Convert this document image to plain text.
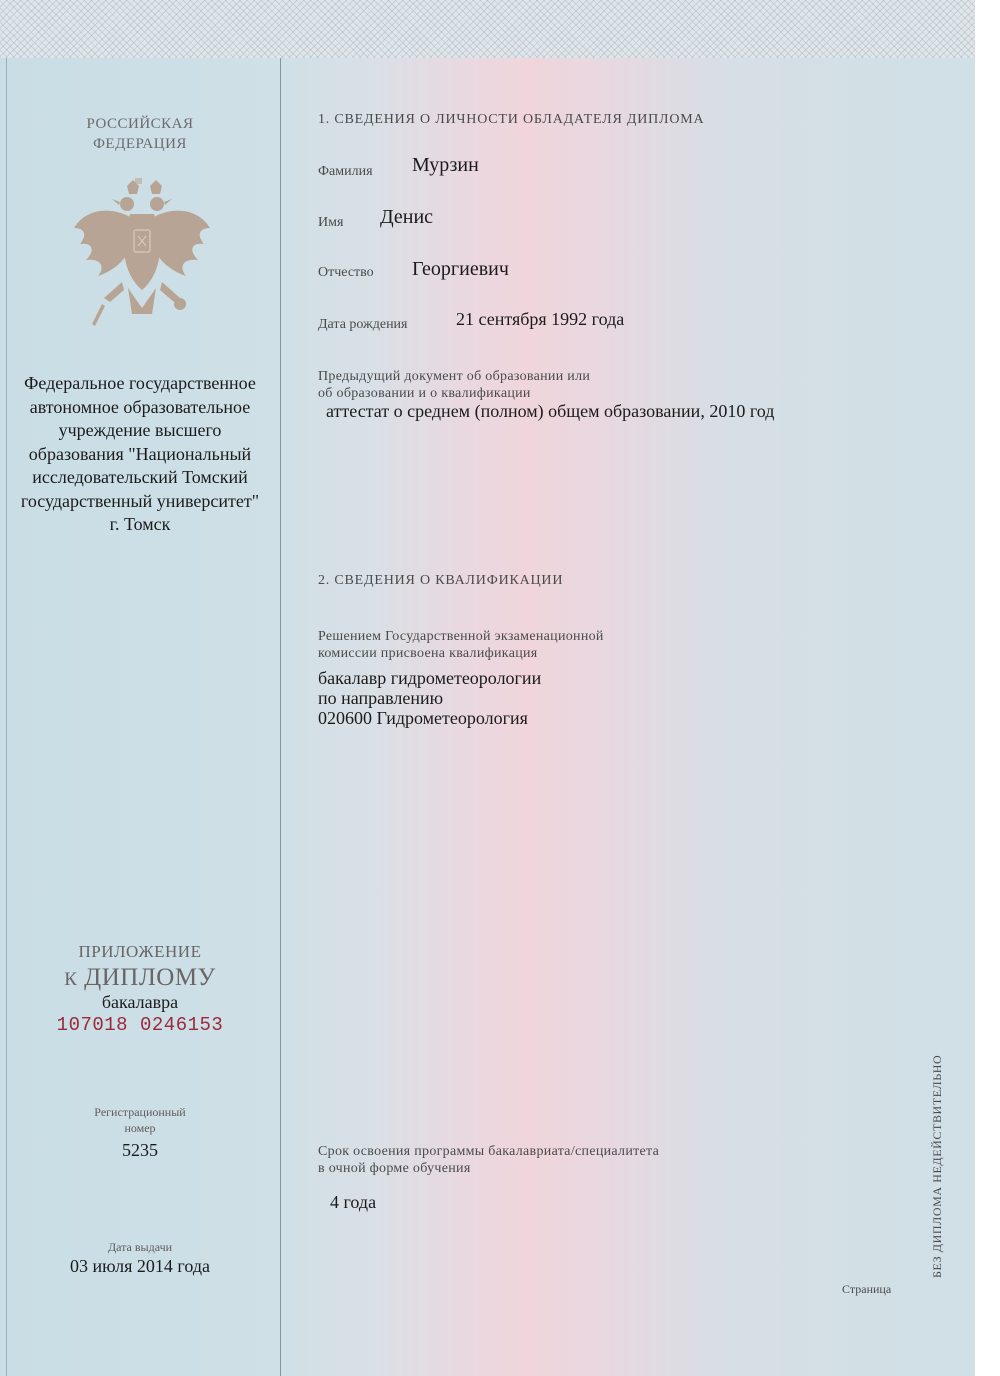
РОССИЙСКАЯ
ФЕДЕРАЦИЯ
Федеральное государственное
автономное образовательное
учреждение высшего
образования "Национальный
исследовательский Томский
государственный университет"
г. Томск
ПРИЛОЖЕНИЕ
К ДИПЛОМУ
бакалавра
107018 0246153
Регистрационный
номер
5235
Дата выдачи
03 июля 2014 года
1. СВЕДЕНИЯ О ЛИЧНОСТИ ОБЛАДАТЕЛЯ ДИПЛОМА
Фамилия Мурзин
Имя Денис
Отчество Георгиевич
Дата рождения	21 сентября 1992 года
Предыдущий документ об образовании или
об образовании и о квалификации
аттестат о среднем (полном) общем образовании, 2010 год
2. СВЕДЕНИЯ О КВАЛИФИКАЦИИ
Решением Государственной экзаменационной
комиссии присвоена квалификация
бакалавр гидрометеорологии
по направлению
020600 Гидрометеорология
Срок освоения программы бакалавриата/специалитета
в очной форме обучения
4 года	БЕЗ ДИПЛОМА НЕДЕЙСТВИТЕЛЬНО
Страница
